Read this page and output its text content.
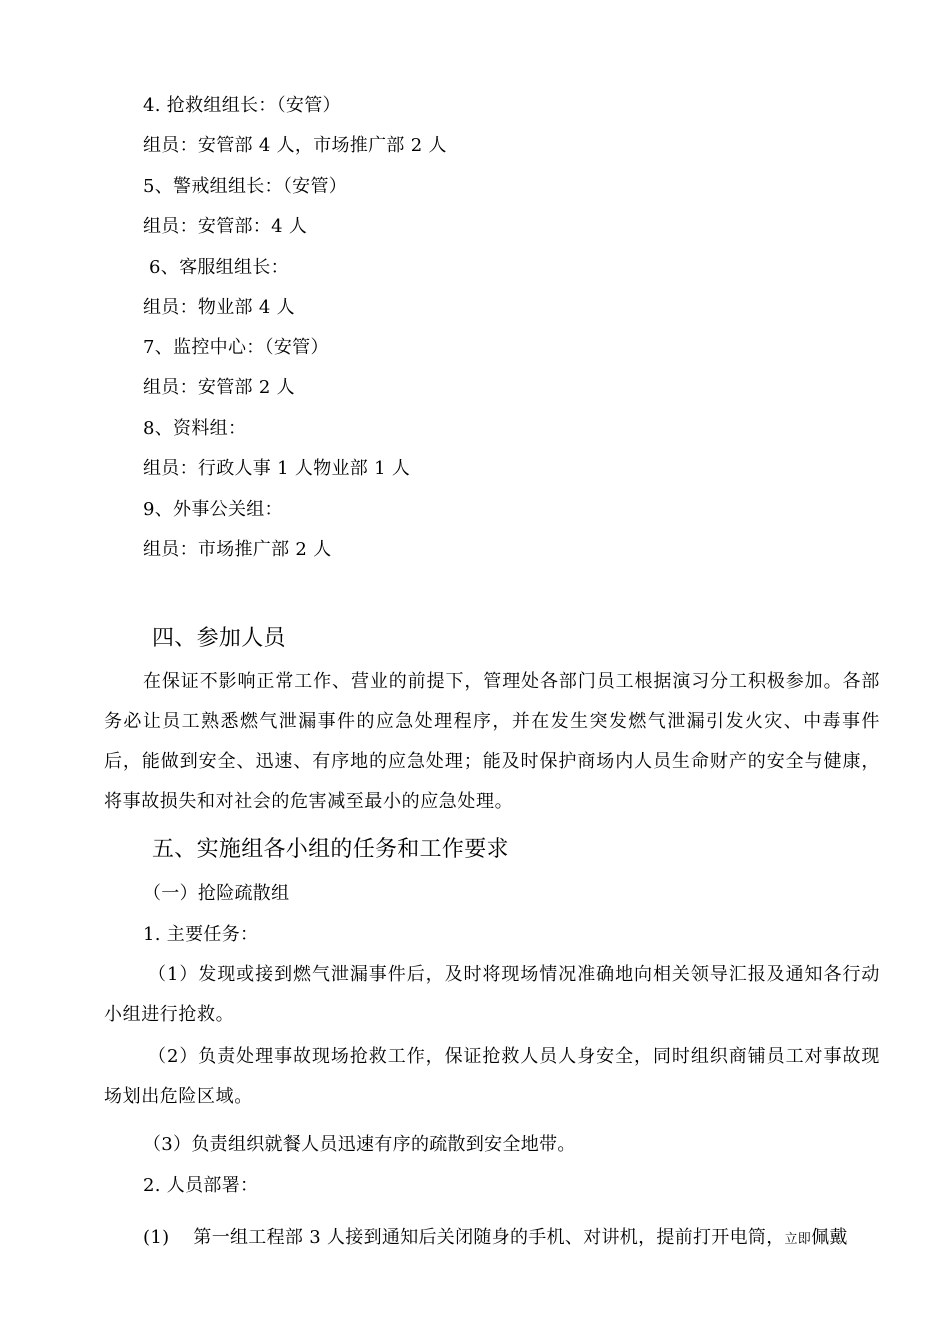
4. 抢救组组长：（安管）
组员：安管部 4 人，市场推广部 2 人
5、警戒组组长：（安管）
组员：安管部：4 人
6、客服组组长：
组员：物业部 4 人
7、监控中心：（安管）
组员：安管部 2 人
8、资料组：
组员：行政人事 1 人物业部 1 人
9、外事公关组：
组员：市场推广部 2 人
四、参加人员
在保证不影响正常工作、营业的前提下，管理处各部门员工根据演习分工积极参加。各部务必让员工熟悉燃气泄漏事件的应急处理程序，并在发生突发燃气泄漏引发火灾、中毒事件后，能做到安全、迅速、有序地的应急处理；能及时保护商场内人员生命财产的安全与健康，将事故损失和对社会的危害减至最小的应急处理。
五、实施组各小组的任务和工作要求
（一）抢险疏散组
1. 主要任务：
（1）发现或接到燃气泄漏事件后，及时将现场情况准确地向相关领导汇报及通知各行动小组进行抢救。
（2）负责处理事故现场抢救工作，保证抢救人员人身安全，同时组织商铺员工对事故现场划出危险区域。
（3）负责组织就餐人员迅速有序的疏散到安全地带。
2. 人员部署：
(1) 第一组工程部 3 人接到通知后关闭随身的手机、对讲机，提前打开电筒，立即佩戴
